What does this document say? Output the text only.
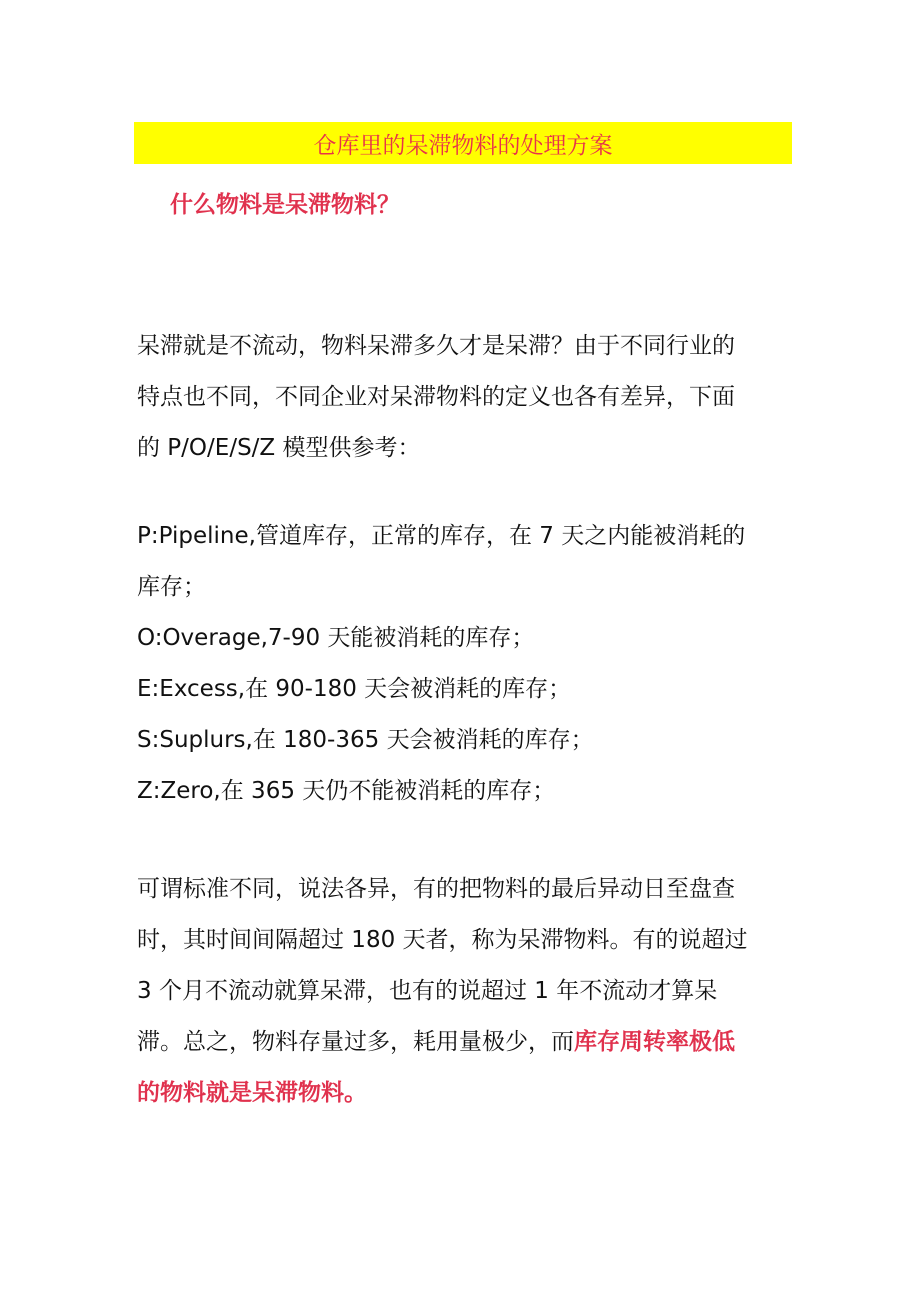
仓库里的呆滞物料的处理方案
什么物料是呆滞物料？
呆滞就是不流动，物料呆滞多久才是呆滞？由于不同行业的
特点也不同，不同企业对呆滞物料的定义也各有差异，下面
的 P/O/E/S/Z 模型供参考：
P:Pipeline,管道库存，正常的库存，在 7 天之内能被消耗的
库存；
O:Overage,7-90 天能被消耗的库存；
E:Excess,在 90-180 天会被消耗的库存；
S:Suplurs,在 180-365 天会被消耗的库存；
Z:Zero,在 365 天仍不能被消耗的库存；
可谓标准不同，说法各异，有的把物料的最后异动日至盘查
时，其时间间隔超过 180 天者，称为呆滞物料。有的说超过
3 个月不流动就算呆滞，也有的说超过 1 年不流动才算呆
滞。总之，物料存量过多，耗用量极少，而库存周转率极低
的物料就是呆滞物料。
